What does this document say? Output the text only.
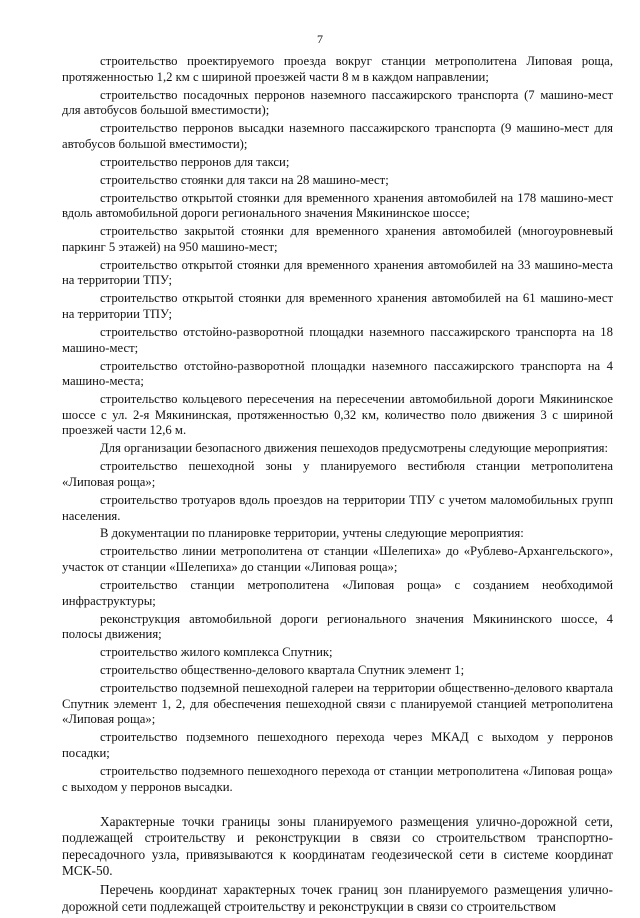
7

строительство проектируемого проезда вокруг станции метрополитена Липовая роща, протяженностью 1,2 км с шириной проезжей части 8 м в каждом направлении;

строительство посадочных перронов наземного пассажирского транспорта (7 машино-мест для автобусов большой вместимости);

строительство перронов высадки наземного пассажирского транспорта (9 машино-мест для автобусов большой вместимости);

строительство перронов для такси;

строительство стоянки для такси на 28 машино-мест;

строительство открытой стоянки для временного хранения автомобилей на 178 машино-мест вдоль автомобильной дороги регионального значения Мякининское шоссе;

строительство закрытой стоянки для временного хранения автомобилей (многоуровневый паркинг 5 этажей) на 950 машино-мест;

строительство открытой стоянки для временного хранения автомобилей на 33 машино-места на территории ТПУ;

строительство открытой стоянки для временного хранения автомобилей на 61 машино-мест на территории ТПУ;

строительство отстойно-разворотной площадки наземного пассажирского транспорта на 18 машино-мест;

строительство отстойно-разворотной площадки наземного пассажирского транспорта на 4 машино-места;

строительство кольцевого пересечения на пересечении автомобильной дороги Мякининское шоссе с ул. 2-я Мякининская, протяженностью 0,32 км, количество поло движения 3 с шириной проезжей части 12,6 м.

Для организации безопасного движения пешеходов предусмотрены следующие мероприятия:

строительство пешеходной зоны у планируемого вестибюля станции метрополитена «Липовая роща»;

строительство тротуаров вдоль проездов на территории ТПУ с учетом маломобильных групп населения.

В документации по планировке территории, учтены следующие мероприятия:

строительство линии метрополитена от станции «Шелепиха» до «Рублево-Архангельского», участок от станции «Шелепиха» до станции «Липовая роща»;

строительство станции метрополитена «Липовая роща» с созданием необходимой инфраструктуры;

реконструкция автомобильной дороги регионального значения Мякининского шоссе, 4 полосы движения;

строительство жилого комплекса Спутник;

строительство общественно-делового квартала Спутник элемент 1;

строительство подземной пешеходной галереи на территории общественно-делового квартала Спутник элемент 1, 2, для обеспечения пешеходной связи с планируемой станцией метрополитена «Липовая роща»;

строительство подземного пешеходного перехода через МКАД с выходом у перронов посадки;

строительство подземного пешеходного перехода от станции метрополитена «Липовая роща» с выходом у перронов высадки.

Характерные точки границы зоны планируемого размещения улично-дорожной сети, подлежащей строительству и реконструкции в связи со строительством транспортно-пересадочного узла, привязываются к координатам геодезической сети в системе координат МСК-50.

Перечень координат характерных точек границ зон планируемого размещения улично-дорожной сети подлежащей строительству и реконструкции в связи со строительством
